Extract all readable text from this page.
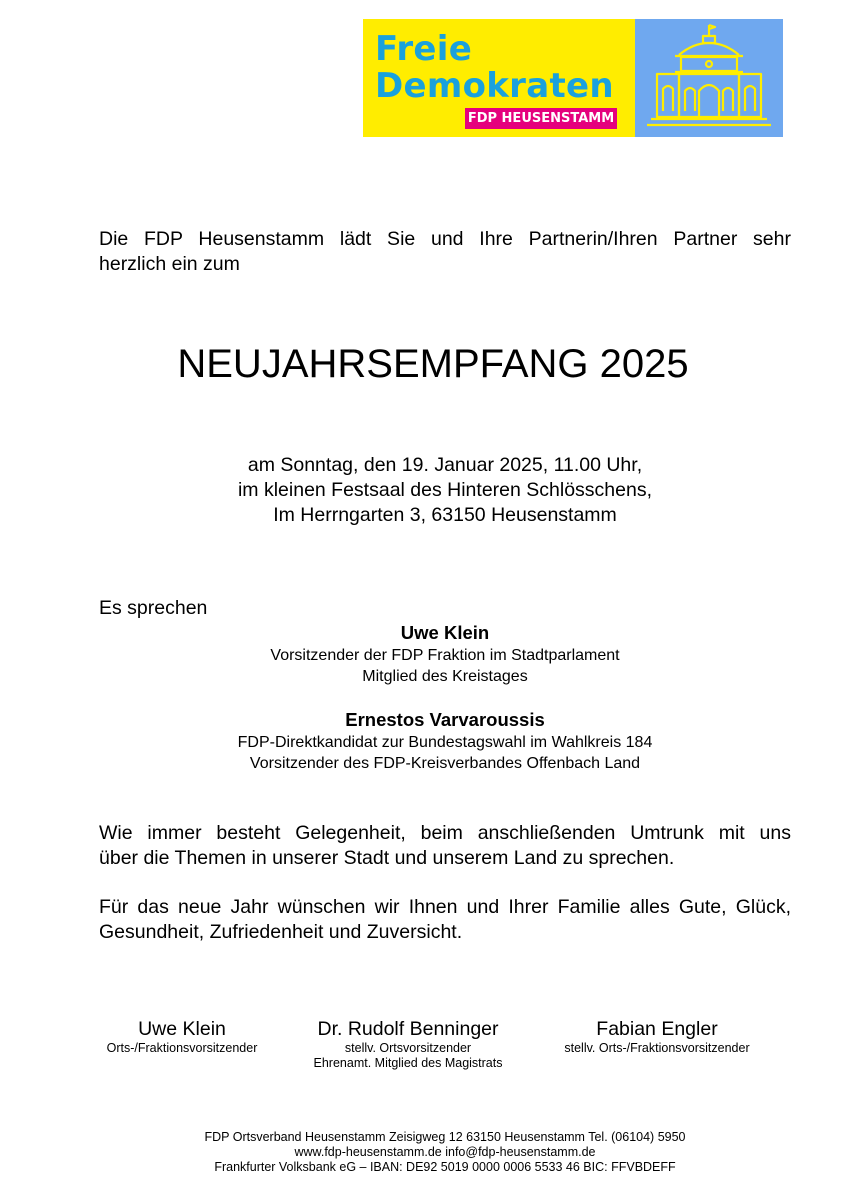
Freie
Demokraten
FDP HEUSENSTAMM
Die FDP Heusenstamm lädt Sie und Ihre Partnerin/Ihren Partner sehr
herzlich ein zum
NEUJAHRSEMPFANG 2025
am Sonntag, den 19. Januar 2025, 11.00 Uhr,
im kleinen Festsaal des Hinteren Schlösschens,
Im Herrngarten 3, 63150 Heusenstamm
Es sprechen
Uwe Klein
Vorsitzender der FDP Fraktion im Stadtparlament
Mitglied des Kreistages
Ernestos Varvaroussis
FDP-Direktkandidat zur Bundestagswahl im Wahlkreis 184
Vorsitzender des FDP-Kreisverbandes Offenbach Land
Wie immer besteht Gelegenheit, beim anschließenden Umtrunk mit uns
über die Themen in unserer Stadt und unserem Land zu sprechen.
Für das neue Jahr wünschen wir Ihnen und Ihrer Familie alles Gute, Glück,
Gesundheit, Zufriedenheit und Zuversicht.
Uwe Klein
Orts-/Fraktionsvorsitzender
Dr. Rudolf Benninger
stellv. Ortsvorsitzender
Ehrenamt. Mitglied des Magistrats
Fabian Engler
stellv. Orts-/Fraktionsvorsitzender
FDP Ortsverband Heusenstamm Zeisigweg 12 63150 Heusenstamm Tel. (06104) 5950
www.fdp-heusenstamm.de info@fdp-heusenstamm.de
Frankfurter Volksbank eG – IBAN: DE92 5019 0000 0006 5533 46 BIC: FFVBDEFF
